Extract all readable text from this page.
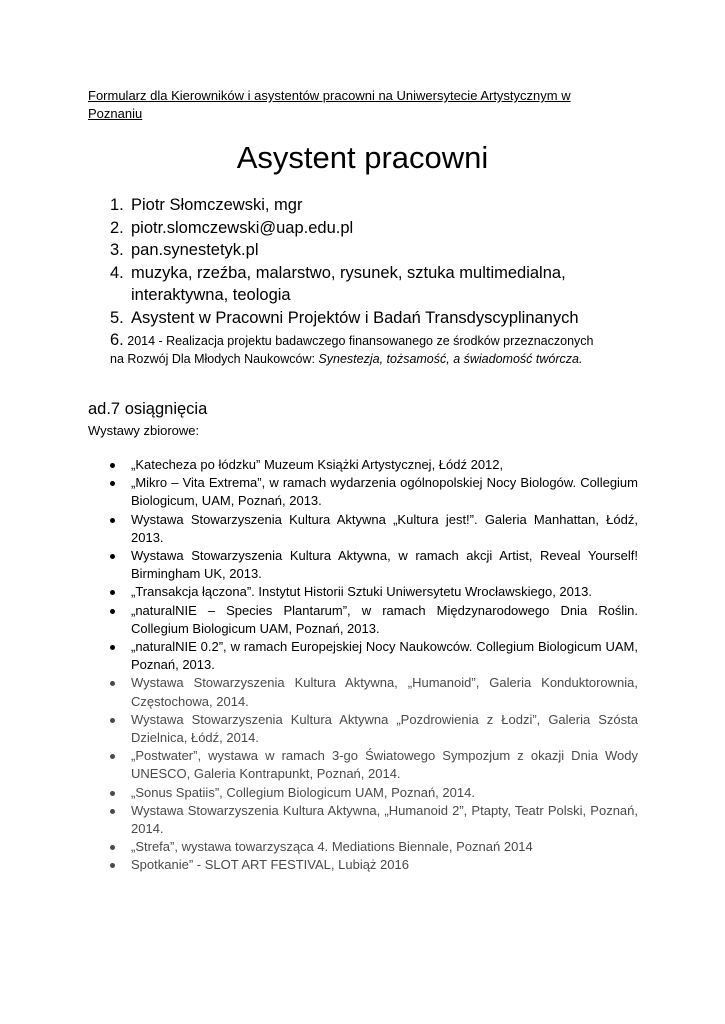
Formularz dla Kierowników i asystentów pracowni na Uniwersytecie Artystycznym w Poznaniu
Asystent pracowni
1. Piotr Słomczewski, mgr
2. piotr.slomczewski@uap.edu.pl
3. pan.synestetyk.pl
4. muzyka, rzeźba, malarstwo, rysunek, sztuka multimedialna, interaktywna, teologia
5. Asystent w Pracowni Projektów i Badań Transdyscyplinanych
6. 2014 - Realizacja projektu badawczego finansowanego ze środków przeznaczonych
na Rozwój Dla Młodych Naukowców: Synestezja, tożsamość, a świadomość twórcza.
ad.7 osiągnięcia
Wystawy zbiorowe:
„Katecheza po łódzku” Muzeum Książki Artystycznej, Łódź 2012,
„Mikro – Vita Extrema”, w ramach wydarzenia ogólnopolskiej Nocy Biologów. Collegium Biologicum, UAM, Poznań, 2013.
Wystawa Stowarzyszenia Kultura Aktywna „Kultura jest!”. Galeria Manhattan, Łódź, 2013.
Wystawa Stowarzyszenia Kultura Aktywna, w ramach akcji Artist, Reveal Yourself! Birmingham UK, 2013.
„Transakcja łączona”. Instytut Historii Sztuki Uniwersytetu Wrocławskiego, 2013.
„naturalNIE – Species Plantarum”, w ramach Międzynarodowego Dnia Roślin. Collegium Biologicum UAM, Poznań, 2013.
„naturalNIE 0.2”, w ramach Europejskiej Nocy Naukowców. Collegium Biologicum UAM, Poznań, 2013.
Wystawa Stowarzyszenia Kultura Aktywna, „Humanoid”, Galeria Konduktorownia, Częstochowa, 2014.
Wystawa Stowarzyszenia Kultura Aktywna „Pozdrowienia z Łodzi”, Galeria Szósta Dzielnica, Łódź, 2014.
„Postwater”, wystawa w ramach 3-go Światowego Sympozjum z okazji Dnia Wody UNESCO, Galeria Kontrapunkt, Poznań, 2014.
„Sonus Spatiis”, Collegium Biologicum UAM, Poznań, 2014.
Wystawa Stowarzyszenia Kultura Aktywna, „Humanoid 2”, Ptapty, Teatr Polski, Poznań, 2014.
„Strefa”, wystawa towarzysząca 4. Mediations Biennale, Poznań 2014
Spotkanie” - SLOT ART FESTIVAL, Lubiąż 2016
